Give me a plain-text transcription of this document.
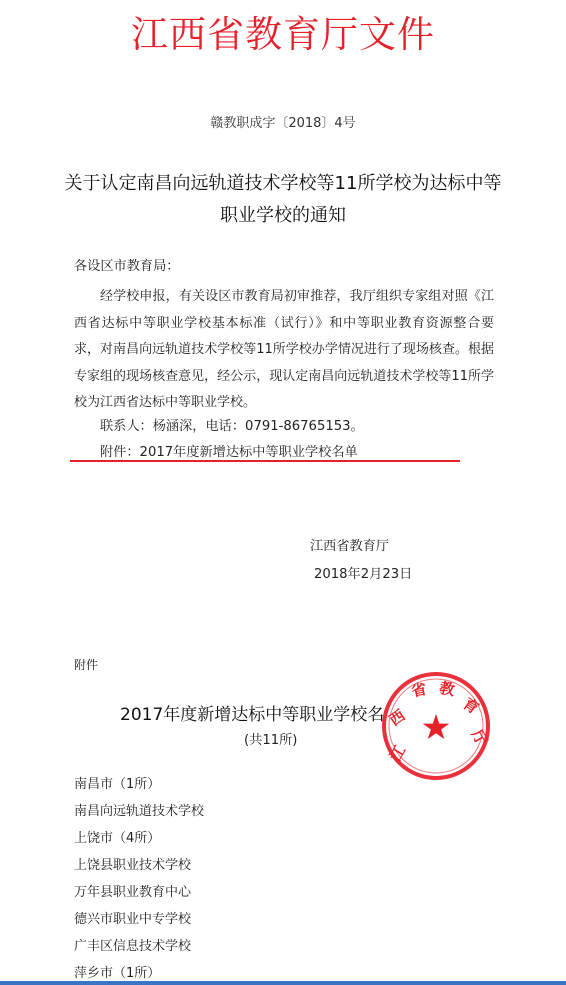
江西省教育厅文件
赣教职成字〔2018〕4号
关于认定南昌向远轨道技术学校等11所学校为达标中等职业学校的通知
各设区市教育局：
经学校申报，有关设区市教育局初审推荐，我厅组织专家组对照《江西省达标中等职业学校基本标准（试行）》和中等职业教育资源整合要求，对南昌向远轨道技术学校等11所学校办学情况进行了现场核查。根据专家组的现场核查意见，经公示，现认定南昌向远轨道技术学校等11所学校为江西省达标中等职业学校。
联系人：杨涵深，电话：0791-86765153。
附件：2017年度新增达标中等职业学校名单
江西省教育厅
2018年2月23日
附件
2017年度新增达标中等职业学校名
(共11所)
南昌市（1所）
南昌向远轨道技术学校
上饶市（4所）
上饶县职业技术学校
万年县职业教育中心
德兴市职业中专学校
广丰区信息技术学校
萍乡市（1所）
江
西
省 教
育
厅
